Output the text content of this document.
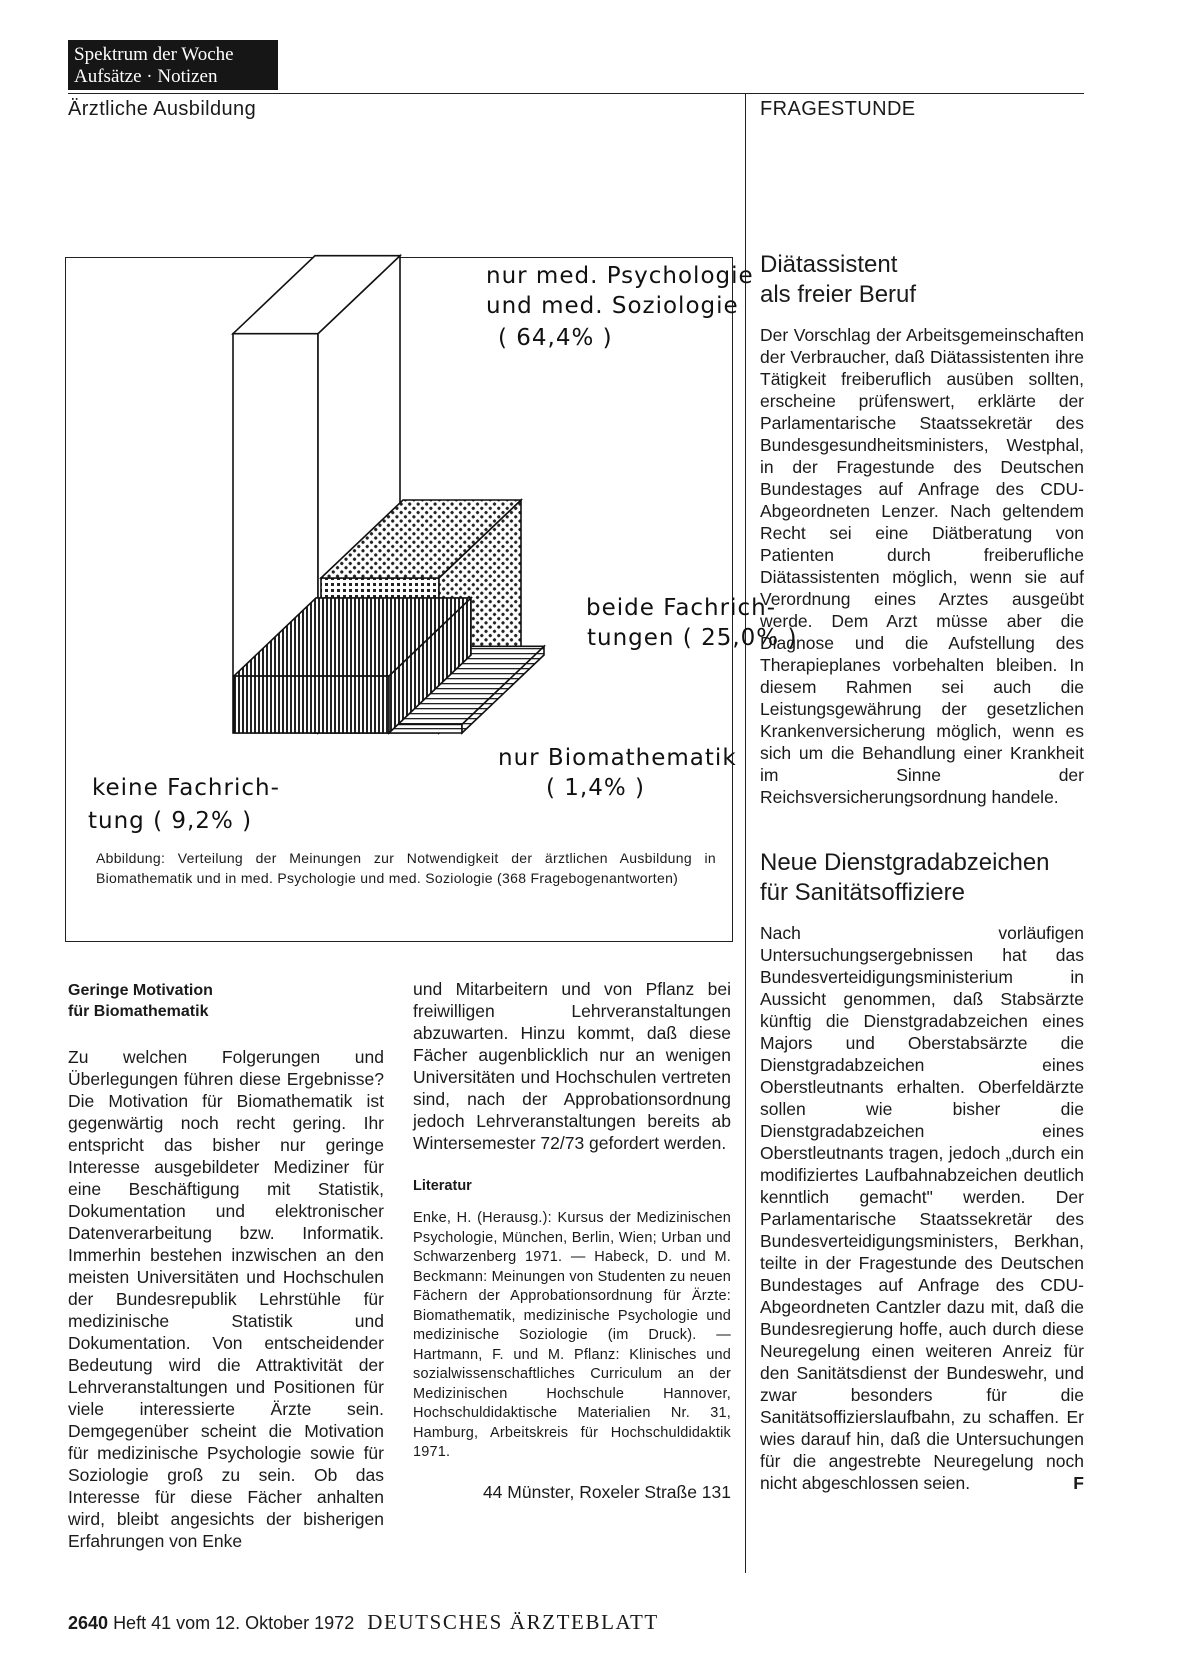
Spektrum der Woche
Aufsätze · Notizen
Ärztliche Ausbildung	FRAGESTUNDE
nur med. Psychologie
und med. Soziologie
( 64,4% )
beide Fachrich-
tungen ( 25,0% )
nur Biomathematik
( 1,4% )
keine Fachrich-
tung ( 9,2% )
Abbildung: Verteilung der Meinungen zur Notwendigkeit der ärztlichen Ausbildung in Biomathematik und in med. Psychologie und med. Soziologie (368 Fragebogenantworten)
Geringe Motivation
für Biomathematik

Zu welchen Folgerungen und Überlegungen führen diese Ergebnisse? Die Motivation für Biomathematik ist gegenwärtig noch recht gering. Ihr entspricht das bisher nur geringe Interesse ausgebildeter Mediziner für eine Beschäftigung mit Statistik, Dokumentation und elektronischer Datenverarbeitung bzw. Informatik. Immerhin bestehen inzwischen an den meisten Universitäten und Hochschulen der Bundesrepublik Lehrstühle für medizinische Statistik und Dokumentation. Von entscheidender Bedeutung wird die Attraktivität der Lehrveranstaltungen und Positionen für viele interessierte Ärzte sein. Demgegenüber scheint die Motivation für medizinische Psychologie sowie für Soziologie groß zu sein. Ob das Interesse für diese Fächer anhalten wird, bleibt angesichts der bisherigen Erfahrungen von Enke

und Mitarbeitern und von Pflanz bei freiwilligen Lehrveranstaltungen abzuwarten. Hinzu kommt, daß diese Fächer augenblicklich nur an wenigen Universitäten und Hochschulen vertreten sind, nach der Approbationsordnung jedoch Lehrveranstaltungen bereits ab Wintersemester 72/73 gefordert werden.

Literatur

Enke, H. (Herausg.): Kursus der Medizinischen Psychologie, München, Berlin, Wien; Urban und Schwarzenberg 1971. — Habeck, D. und M. Beckmann: Meinungen von Studenten zu neuen Fächern der Approbationsordnung für Ärzte: Biomathematik, medizinische Psychologie und medizinische Soziologie (im Druck). — Hartmann, F. und M. Pflanz: Klinisches und sozialwissenschaftliches Curriculum an der Medizinischen Hochschule Hannover, Hochschuldidaktische Materialien Nr. 31, Hamburg, Arbeitskreis für Hochschuldidaktik 1971.

44 Münster, Roxeler Straße 131

Diätassistent
als freier Beruf

Der Vorschlag der Arbeitsgemeinschaften der Verbraucher, daß Diätassistenten ihre Tätigkeit freiberuflich ausüben sollten, erscheine prüfenswert, erklärte der Parlamentarische Staatssekretär des Bundesgesundheitsministers, Westphal, in der Fragestunde des Deutschen Bundestages auf Anfrage des CDU-Abgeordneten Lenzer. Nach geltendem Recht sei eine Diätberatung von Patienten durch freiberufliche Diätassistenten möglich, wenn sie auf Verordnung eines Arztes ausgeübt werde. Dem Arzt müsse aber die Diagnose und die Aufstellung des Therapieplanes vorbehalten bleiben. In diesem Rahmen sei auch die Leistungsgewährung der gesetzlichen Krankenversicherung möglich, wenn es sich um die Behandlung einer Krankheit im Sinne der Reichsversicherungsordnung handele.

Neue Dienstgradabzeichen
für Sanitätsoffiziere

Nach vorläufigen Untersuchungsergebnissen hat das Bundesverteidigungsministerium in Aussicht genommen, daß Stabsärzte künftig die Dienstgradabzeichen eines Majors und Oberstabsärzte die Dienstgradabzeichen eines Oberstleutnants erhalten. Oberfeldärzte sollen wie bisher die Dienstgradabzeichen eines Oberstleutnants tragen, jedoch „durch ein modifiziertes Laufbahnabzeichen deutlich kenntlich gemacht" werden. Der Parlamentarische Staatssekretär des Bundesverteidigungsministers, Berkhan, teilte in der Fragestunde des Deutschen Bundestages auf Anfrage des CDU-Abgeordneten Cantzler dazu mit, daß die Bundesregierung hoffe, auch durch diese Neuregelung einen weiteren Anreiz für den Sanitätsdienst der Bundeswehr, und zwar besonders für die Sanitätsoffizierslaufbahn, zu schaffen. Er wies darauf hin, daß die Untersuchungen für die angestrebte Neuregelung noch nicht abgeschlossen seien.	F

2640 Heft 41 vom 12. Oktober 1972 DEUTSCHES ÄRZTEBLATT
